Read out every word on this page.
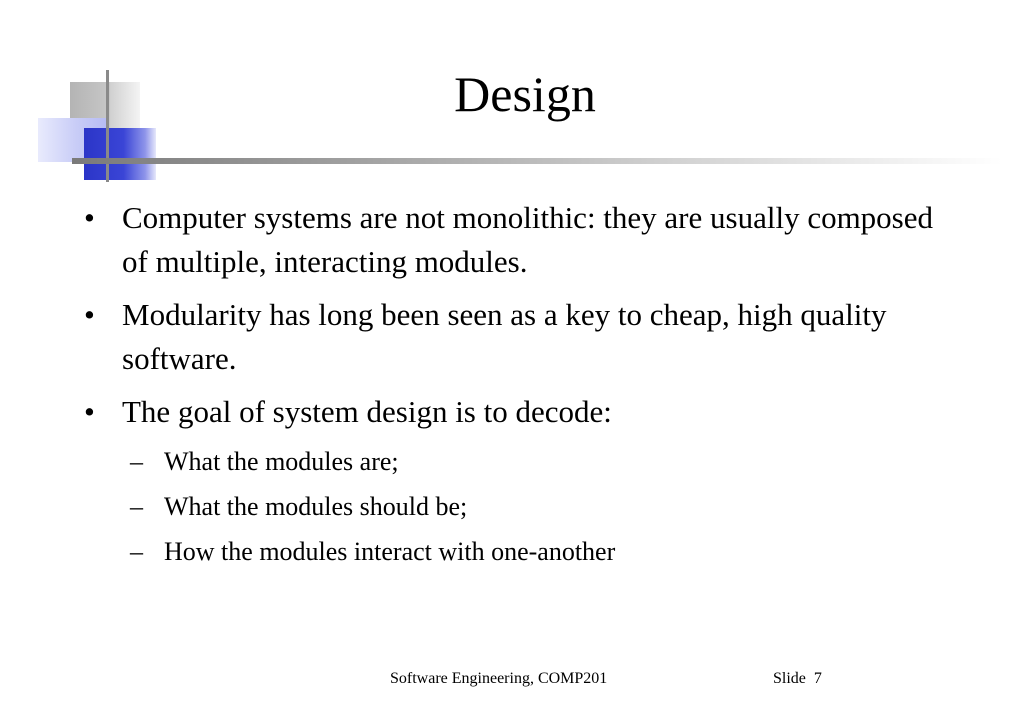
Design
• Computer systems are not monolithic: they are usually composed of multiple, interacting modules.
• Modularity has long been seen as a key to cheap, high quality software.
• The goal of system design is to decode:
– What the modules are;
– What the modules should be;
– How the modules interact with one-another
Software Engineering, COMP201	Slide 7
